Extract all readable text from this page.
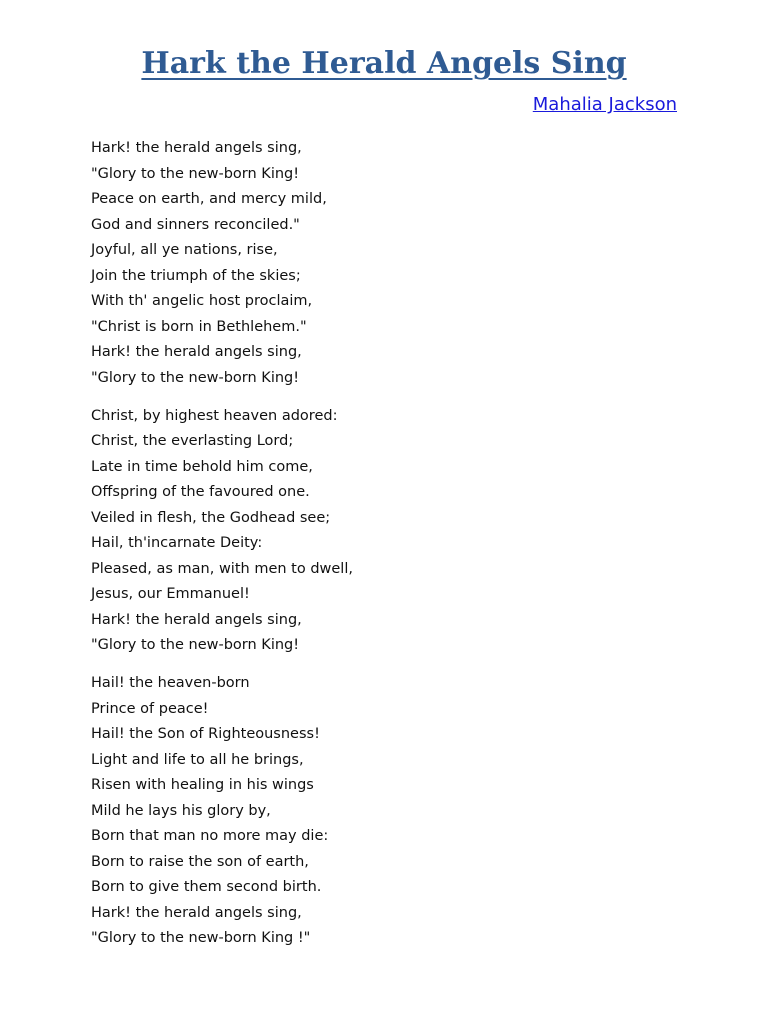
Hark the Herald Angels Sing
Mahalia Jackson
Hark! the herald angels sing,
"Glory to the new-born King!
Peace on earth, and mercy mild,
God and sinners reconciled."
Joyful, all ye nations, rise,
Join the triumph of the skies;
With th' angelic host proclaim,
"Christ is born in Bethlehem."
Hark! the herald angels sing,
"Glory to the new-born King!
Christ, by highest heaven adored:
Christ, the everlasting Lord;
Late in time behold him come,
Offspring of the favoured one.
Veiled in flesh, the Godhead see;
Hail, th'incarnate Deity:
Pleased, as man, with men to dwell,
Jesus, our Emmanuel!
Hark! the herald angels sing,
"Glory to the new-born King!
Hail! the heaven-born
Prince of peace!
Hail! the Son of Righteousness!
Light and life to all he brings,
Risen with healing in his wings
Mild he lays his glory by,
Born that man no more may die:
Born to raise the son of earth,
Born to give them second birth.
Hark! the herald angels sing,
"Glory to the new-born King !"
